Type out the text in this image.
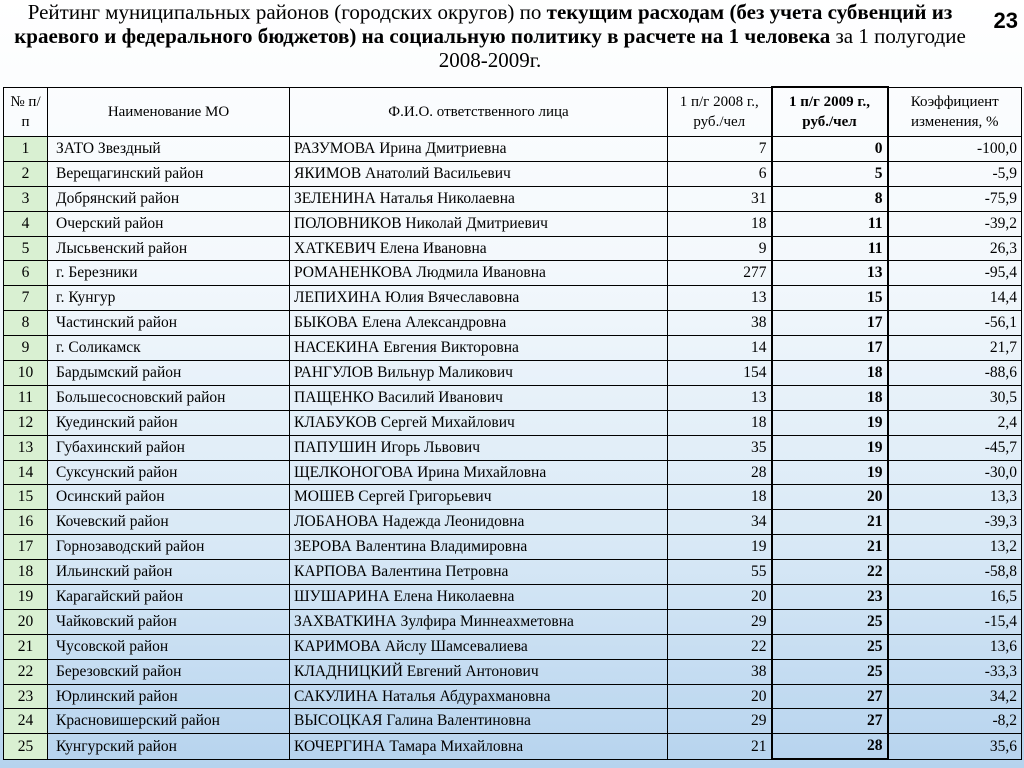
Рейтинг муниципальных районов (городских округов) по текущим расходам (без учета субвенций из краевого и федерального бюджетов) на социальную политику в расчете на 1 человека за 1 полугодие 2008-2009г.
23
№ п/п	Наименование МО	Ф.И.О. ответственного лица	1 п/г 2008 г., руб./чел	1 п/г 2009 г., руб./чел	Коэффициент изменения, %
1	ЗАТО Звездный	РАЗУМОВА Ирина Дмитриевна	7	0	-100,0
2	Верещагинский район	ЯКИМОВ Анатолий Васильевич	6	5	-5,9
3	Добрянский район	ЗЕЛЕНИНА Наталья Николаевна	31	8	-75,9
4	Очерский район	ПОЛОВНИКОВ Николай Дмитриевич	18	11	-39,2
5	Лысьвенский район	ХАТКЕВИЧ Елена Ивановна	9	11	26,3
6	г. Березники	РОМАНЕНКОВА Людмила Ивановна	277	13	-95,4
7	г. Кунгур	ЛЕПИХИНА Юлия Вячеславовна	13	15	14,4
8	Частинский район	БЫКОВА Елена Александровна	38	17	-56,1
9	г. Соликамск	НАСЕКИНА Евгения Викторовна	14	17	21,7
10	Бардымский район	РАНГУЛОВ Вильнур Маликович	154	18	-88,6
11	Большесосновский район	ПАЩЕНКО Василий Иванович	13	18	30,5
12	Куединский район	КЛАБУКОВ Сергей Михайлович	18	19	2,4
13	Губахинский район	ПАПУШИН Игорь Львович	35	19	-45,7
14	Суксунский район	ЩЕЛКОНОГОВА Ирина Михайловна	28	19	-30,0
15	Осинский район	МОШЕВ Сергей Григорьевич	18	20	13,3
16	Кочевский район	ЛОБАНОВА Надежда Леонидовна	34	21	-39,3
17	Горнозаводский район	ЗЕРОВА Валентина Владимировна	19	21	13,2
18	Ильинский район	КАРПОВА Валентина Петровна	55	22	-58,8
19	Карагайский район	ШУШАРИНА Елена Николаевна	20	23	16,5
20	Чайковский район	ЗАХВАТКИНА Зулфира Миннеахметовна	29	25	-15,4
21	Чусовской район	КАРИМОВА Айслу Шамсевалиева	22	25	13,6
22	Березовский район	КЛАДНИЦКИЙ Евгений Антонович	38	25	-33,3
23	Юрлинский район	САКУЛИНА Наталья Абдурахмановна	20	27	34,2
24	Красновишерский район	ВЫСОЦКАЯ Галина Валентиновна	29	27	-8,2
25	Кунгурский район	КОЧЕРГИНА Тамара Михайловна	21	28	35,6
